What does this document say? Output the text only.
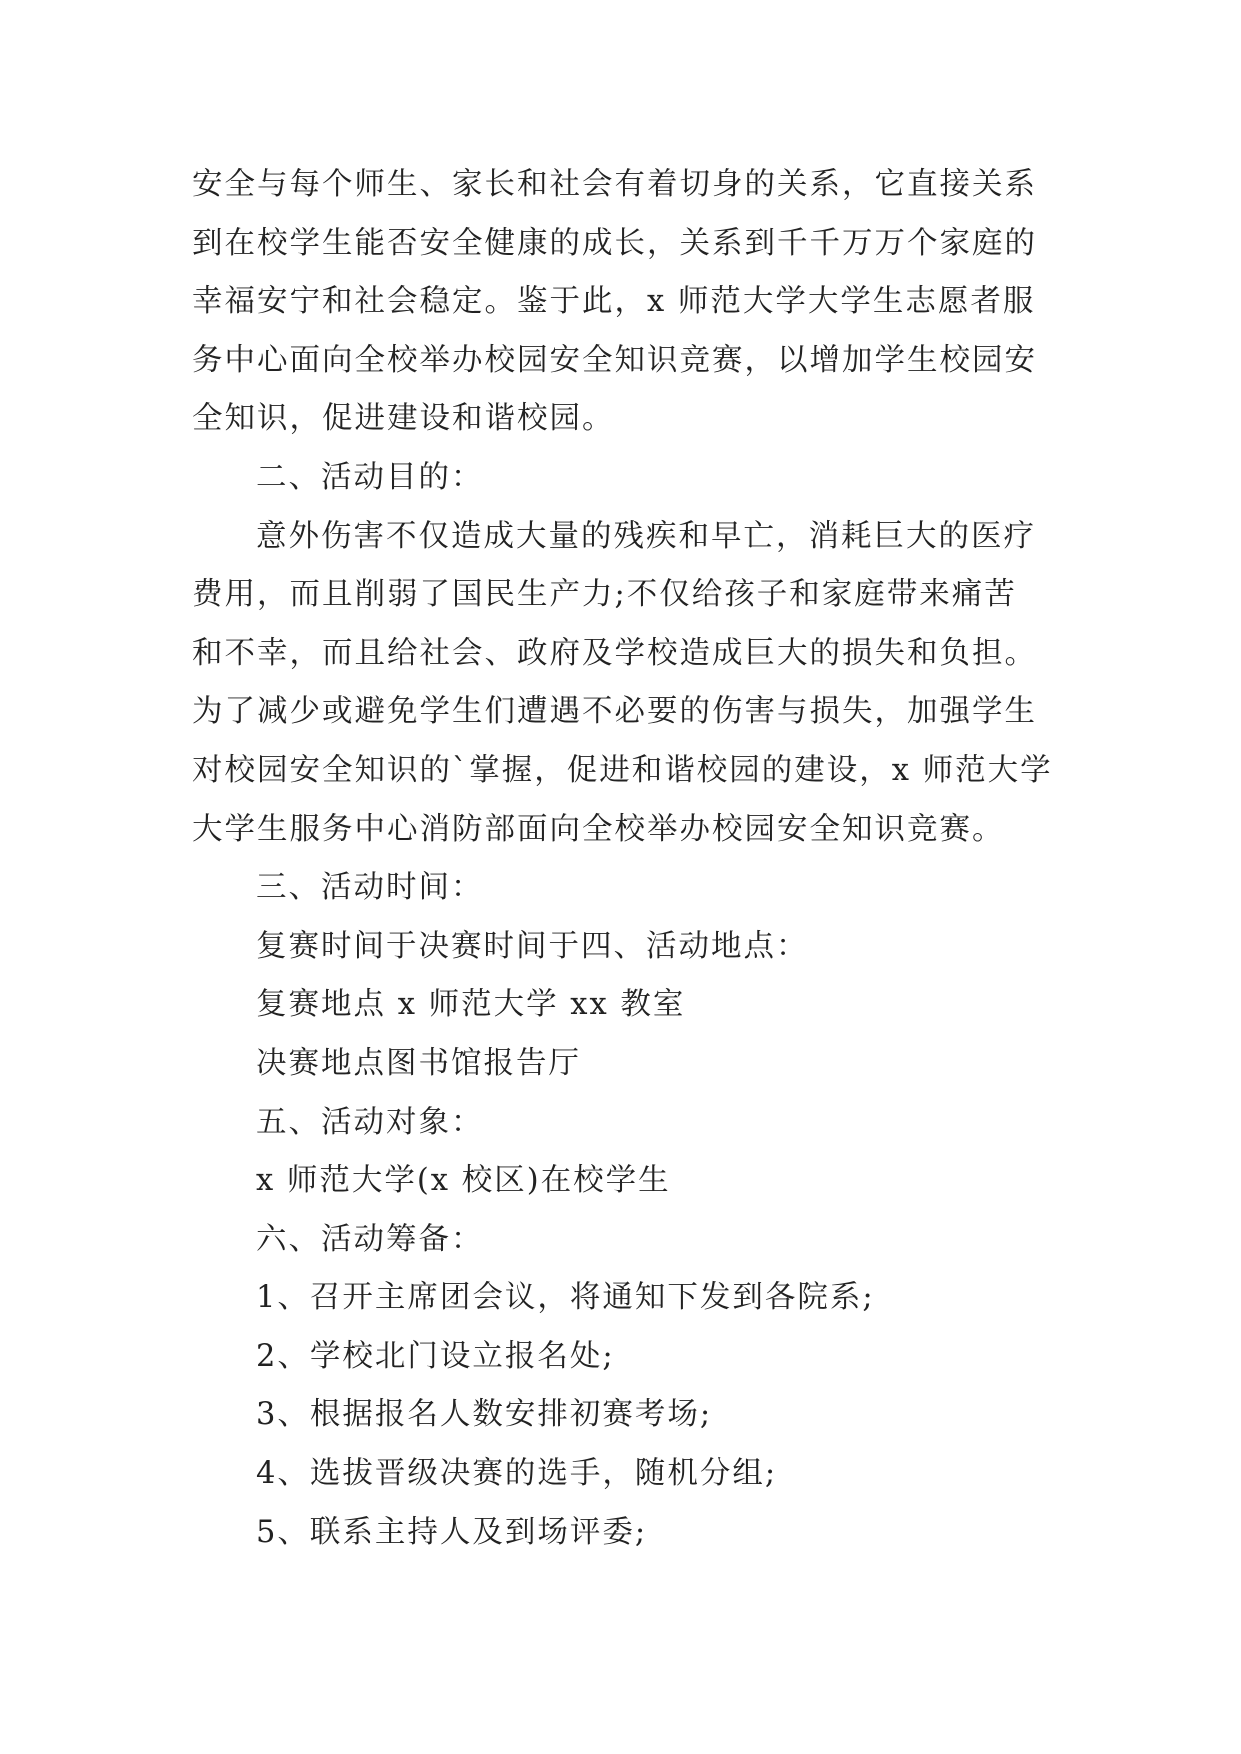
安全与每个师生、家长和社会有着切身的关系，它直接关系
到在校学生能否安全健康的成长，关系到千千万万个家庭的
幸福安宁和社会稳定。鉴于此，x 师范大学大学生志愿者服
务中心面向全校举办校园安全知识竞赛，以增加学生校园安
全知识，促进建设和谐校园。
二、活动目的：
意外伤害不仅造成大量的残疾和早亡，消耗巨大的医疗
费用，而且削弱了国民生产力;不仅给孩子和家庭带来痛苦
和不幸，而且给社会、政府及学校造成巨大的损失和负担。
为了减少或避免学生们遭遇不必要的伤害与损失，加强学生
对校园安全知识的`掌握，促进和谐校园的建设，x 师范大学
大学生服务中心消防部面向全校举办校园安全知识竞赛。
三、活动时间：
复赛时间于决赛时间于四、活动地点：
复赛地点 x 师范大学 xx 教室
决赛地点图书馆报告厅
五、活动对象：
x 师范大学(x 校区)在校学生
六、活动筹备：
1、召开主席团会议，将通知下发到各院系;
2、学校北门设立报名处;
3、根据报名人数安排初赛考场;
4、选拔晋级决赛的选手，随机分组;
5、联系主持人及到场评委;
